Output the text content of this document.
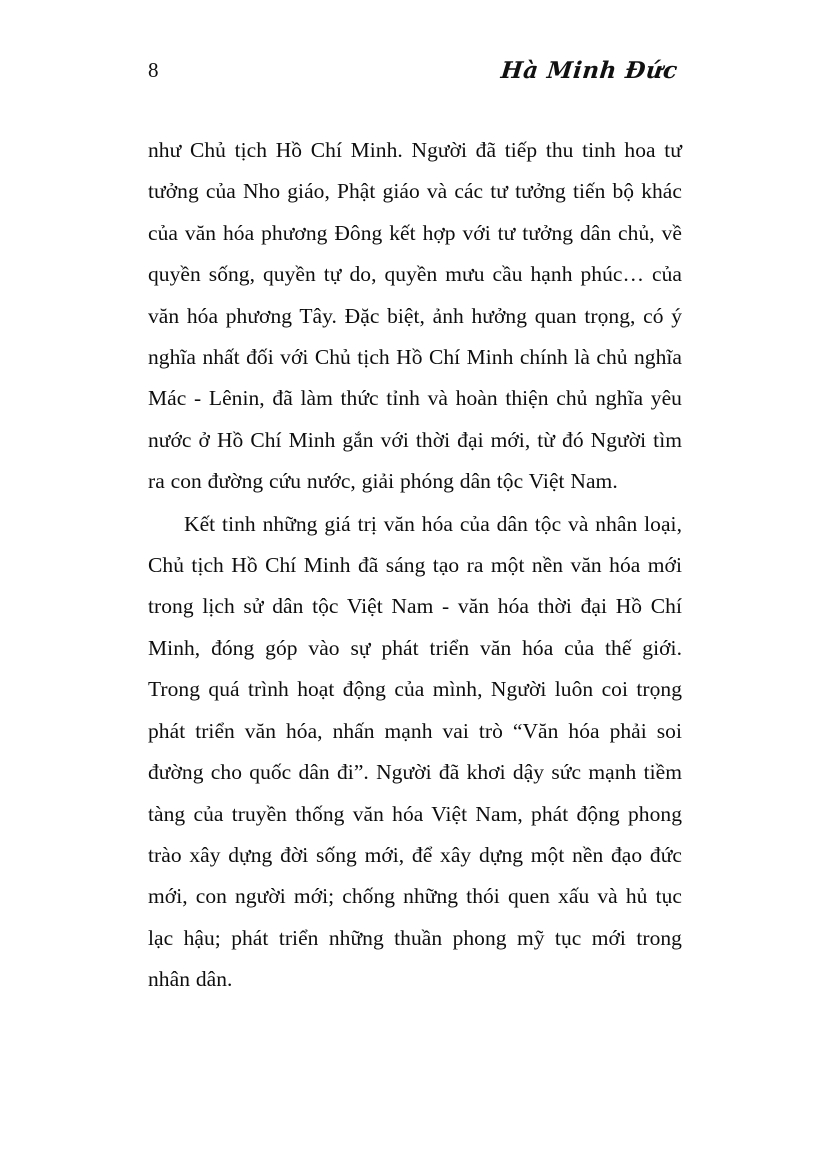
8	Hà Minh Đức

như Chủ tịch Hồ Chí Minh. Người đã tiếp thu tinh hoa tư tưởng của Nho giáo, Phật giáo và các tư tưởng tiến bộ khác của văn hóa phương Đông kết hợp với tư tưởng dân chủ, về quyền sống, quyền tự do, quyền mưu cầu hạnh phúc… của văn hóa phương Tây. Đặc biệt, ảnh hưởng quan trọng, có ý nghĩa nhất đối với Chủ tịch Hồ Chí Minh chính là chủ nghĩa Mác - Lênin, đã làm thức tỉnh và hoàn thiện chủ nghĩa yêu nước ở Hồ Chí Minh gắn với thời đại mới, từ đó Người tìm ra con đường cứu nước, giải phóng dân tộc Việt Nam.

Kết tinh những giá trị văn hóa của dân tộc và nhân loại, Chủ tịch Hồ Chí Minh đã sáng tạo ra một nền văn hóa mới trong lịch sử dân tộc Việt Nam - văn hóa thời đại Hồ Chí Minh, đóng góp vào sự phát triển văn hóa của thế giới. Trong quá trình hoạt động của mình, Người luôn coi trọng phát triển văn hóa, nhấn mạnh vai trò “Văn hóa phải soi đường cho quốc dân đi”. Người đã khơi dậy sức mạnh tiềm tàng của truyền thống văn hóa Việt Nam, phát động phong trào xây dựng đời sống mới, để xây dựng một nền đạo đức mới, con người mới; chống những thói quen xấu và hủ tục lạc hậu; phát triển những thuần phong mỹ tục mới trong nhân dân.
